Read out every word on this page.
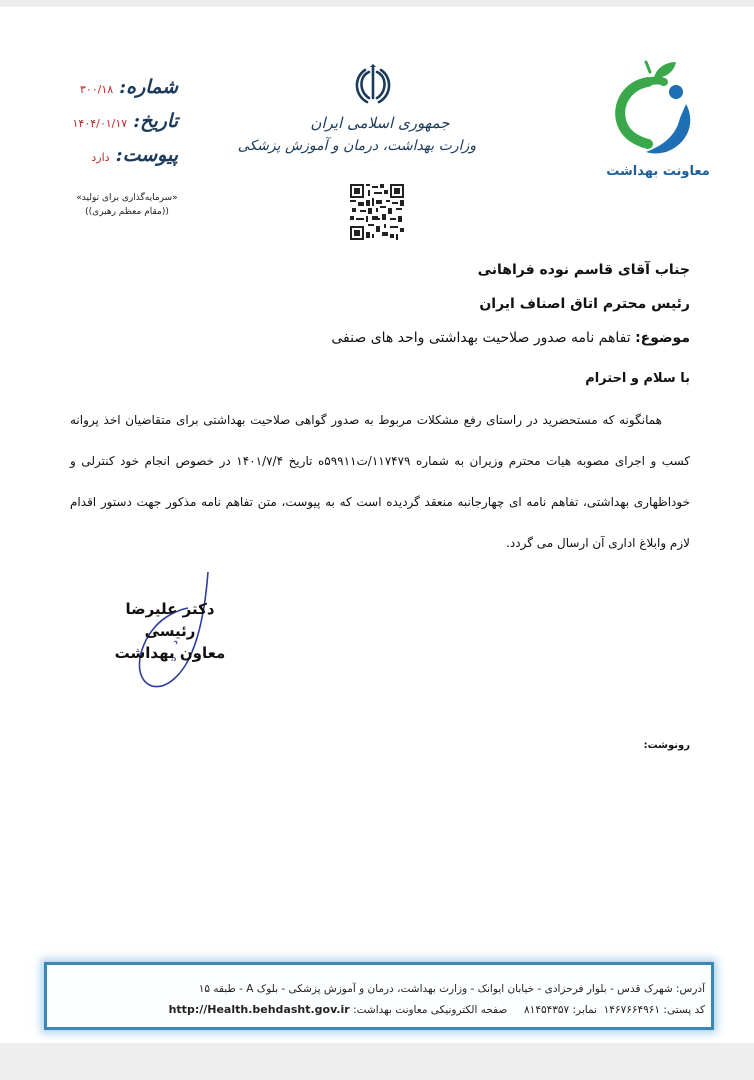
شماره:
۳۰۰/۱۸
تاریخ:
۱۴۰۴/۰۱/۱۷
پیوست:
دارد
«سرمایه‌گذاری برای تولید»
((مقام معظم رهبری))
جمهوری اسلامی ایران
وزارت بهداشت، درمان و آموزش پزشکی
معاونت بهداشت
جناب آقای قاسم نوده فراهانی
رئیس محترم اتاق اصناف ایران
موضوع: تفاهم نامه صدور صلاحیت بهداشتی واحد های صنفی
با سلام و احترام

همانگونه که مستحضرید در راستای رفع مشکلات مربوط به صدور گواهی صلاحیت بهداشتی برای متقاضیان اخذ پروانه کسب و اجرای مصوبه هیات محترم وزیران به شماره ۱۱۷۴۷۹/ت۵۹۹۱۱ه تاریخ ۱۴۰۱/۷/۴ در خصوص انجام خود کنترلی و خوداظهاری بهداشتی، تفاهم نامه ای چهارجانبه منعقد گردیده است که به پیوست، متن تفاهم نامه مذکور جهت دستور اقدام لازم وابلاغ اداری آن ارسال می گردد.

دکتر علیرضا رئیسی
معاون بهداشت
رونوشت:
آدرس: شهرک قدس - بلوار فرحزادی - خیابان ایوانک - وزارت بهداشت، درمان و آموزش پزشکی - بلوک A - طبقه ۱۵
کد پستی: ۱۴۶۷۶۶۴۹۶۱  نمابر: ۸۱۴۵۴۳۵۷     صفحه الکترونیکی معاونت بهداشت: http://Health.behdasht.gov.ir
